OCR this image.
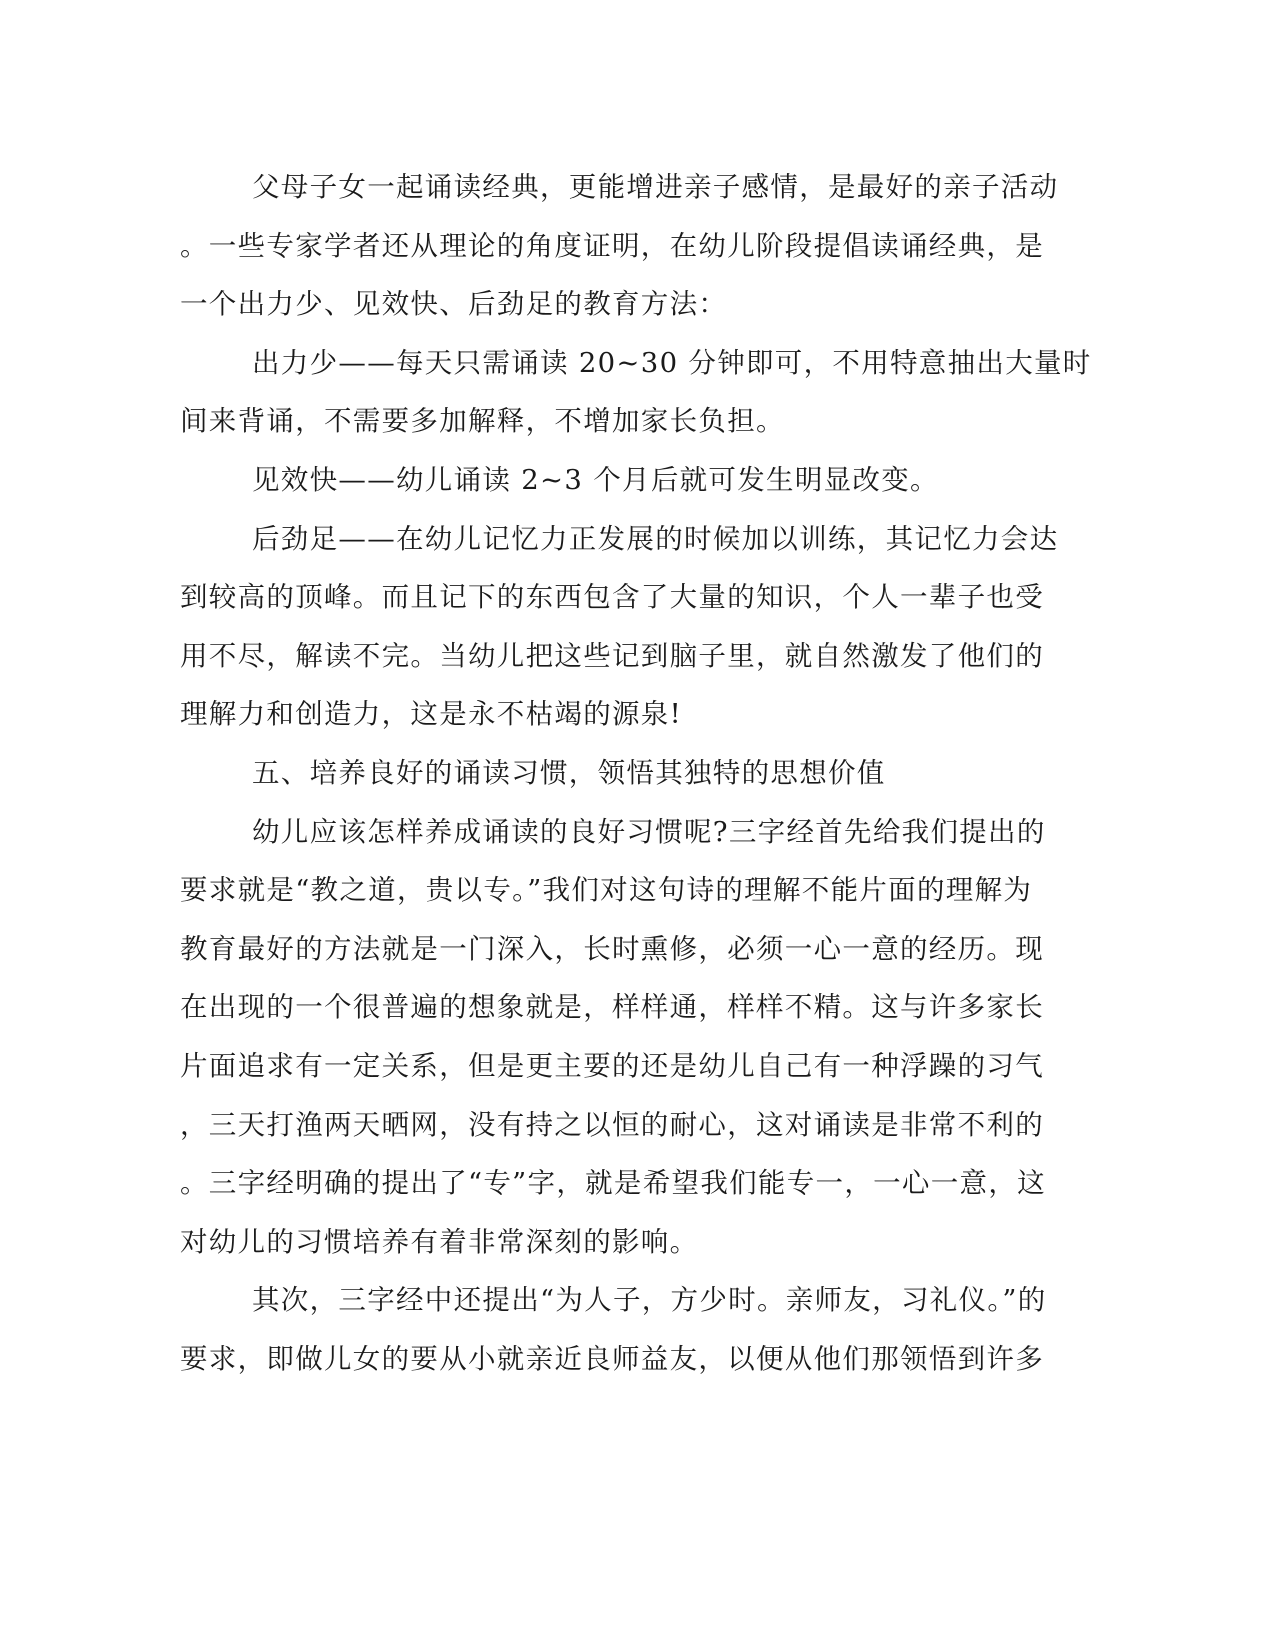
父母子女一起诵读经典，更能增进亲子感情，是最好的亲子活动
。一些专家学者还从理论的角度证明，在幼儿阶段提倡读诵经典，是
一个出力少、见效快、后劲足的教育方法：
出力少——每天只需诵读 20~30 分钟即可，不用特意抽出大量时
间来背诵，不需要多加解释，不增加家长负担。
见效快——幼儿诵读 2~3 个月后就可发生明显改变。
后劲足——在幼儿记忆力正发展的时候加以训练，其记忆力会达
到较高的顶峰。而且记下的东西包含了大量的知识，个人一辈子也受
用不尽，解读不完。当幼儿把这些记到脑子里，就自然激发了他们的
理解力和创造力，这是永不枯竭的源泉!
五、培养良好的诵读习惯，领悟其独特的思想价值
幼儿应该怎样养成诵读的良好习惯呢?三字经首先给我们提出的
要求就是“教之道，贵以专。”我们对这句诗的理解不能片面的理解为
教育最好的方法就是一门深入，长时熏修，必须一心一意的经历。现
在出现的一个很普遍的想象就是，样样通，样样不精。这与许多家长
片面追求有一定关系，但是更主要的还是幼儿自己有一种浮躁的习气
，三天打渔两天晒网，没有持之以恒的耐心，这对诵读是非常不利的
。三字经明确的提出了“专”字，就是希望我们能专一，一心一意，这
对幼儿的习惯培养有着非常深刻的影响。
其次，三字经中还提出“为人子，方少时。亲师友，习礼仪。”的
要求，即做儿女的要从小就亲近良师益友，以便从他们那领悟到许多
